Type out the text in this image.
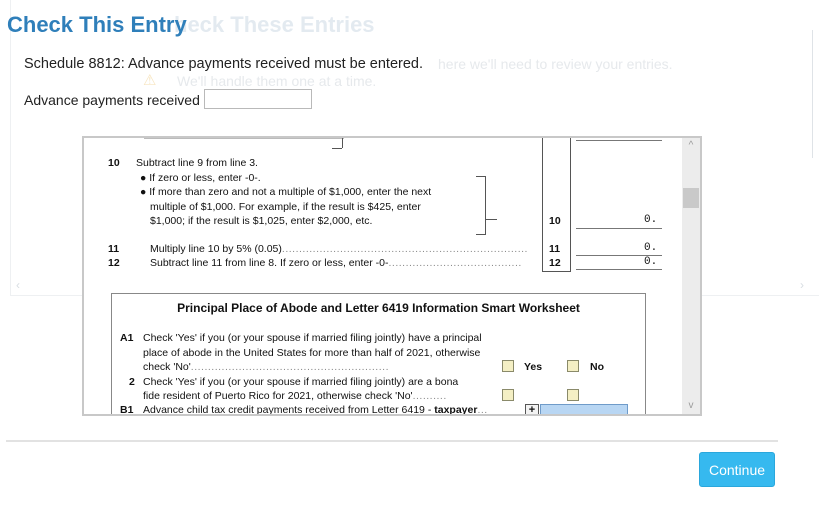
heck These Entries
here we'll need to review your entries.
⚠ We'll handle them one at a time.
‹	›
Check This Entry
Schedule 8812: Advance payments received must be entered.
Advance payments received
10 Subtract line 9 from line 3.
● If zero or less, enter -0-.
● If more than zero and not a multiple of $1,000, enter the next
multiple of $1,000. For example, if the result is $425, enter
$1,000; if the result is $1,025, enter $2,000, etc.	10	0.
11	Multiply line 10 by 5% (0.05)........................................................................ 11	0.
12	Subtract line 11 from line 8. If zero or less, enter -0-.......................................	12	0.
Principal Place of Abode and Letter 6419 Information Smart Worksheet
A1 Check 'Yes' if you (or your spouse if married filing jointly) have a principal
place of abode in the United States for more than half of 2021, otherwise
check 'No'..........................................................	Yes	No
2 Check 'Yes' if you (or your spouse if married filing jointly) are a bona
fide resident of Puerto Rico for 2021, otherwise check 'No'..........
B1 Advance child tax credit payments received from Letter 6419 - taxpayer...	+
^
v
Continue
